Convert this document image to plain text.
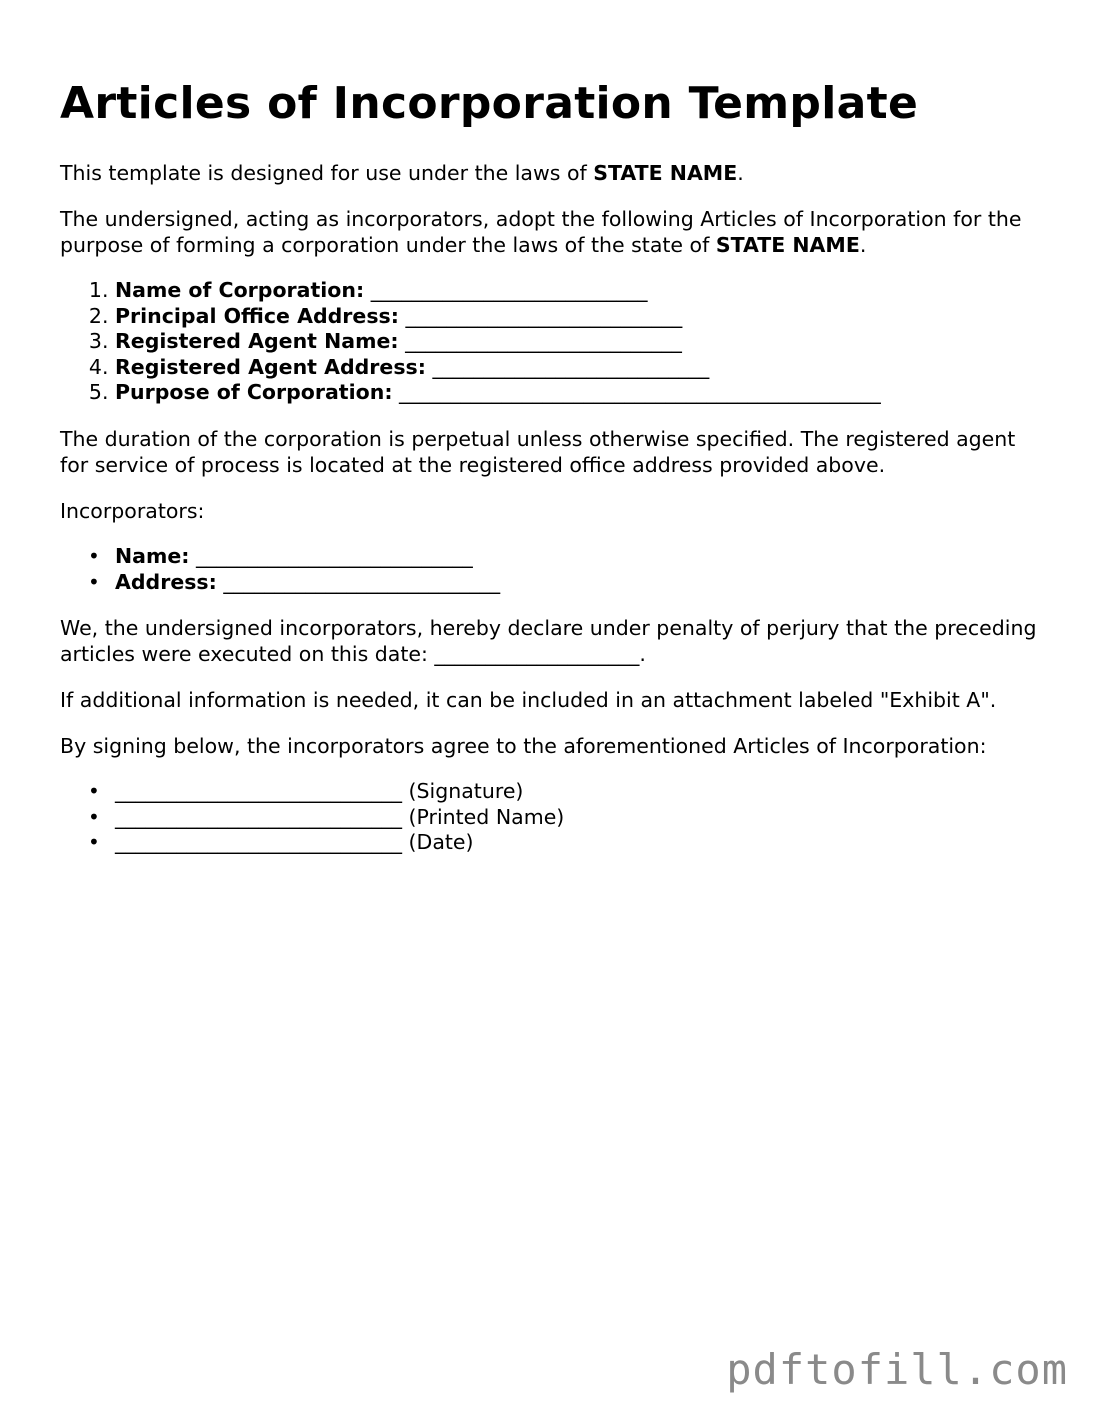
Articles of Incorporation Template

This template is designed for use under the laws of STATE NAME.

The undersigned, acting as incorporators, adopt the following Articles of Incorporation for the purpose of forming a corporation under the laws of the state of STATE NAME.

1. Name of Corporation: ___________________________
2. Principal Office Address: ___________________________
3. Registered Agent Name: ___________________________
4. Registered Agent Address: ___________________________
5. Purpose of Corporation: _______________________________________________

The duration of the corporation is perpetual unless otherwise specified. The registered agent for service of process is located at the registered office address provided above.

Incorporators:

• Name: ___________________________
• Address: ___________________________

We, the undersigned incorporators, hereby declare under penalty of perjury that the preceding articles were executed on this date: ____________________.

If additional information is needed, it can be included in an attachment labeled "Exhibit A".

By signing below, the incorporators agree to the aforementioned Articles of Incorporation:

• ____________________________ (Signature)
• ____________________________ (Printed Name)
• ____________________________ (Date)
pdftofill.com
